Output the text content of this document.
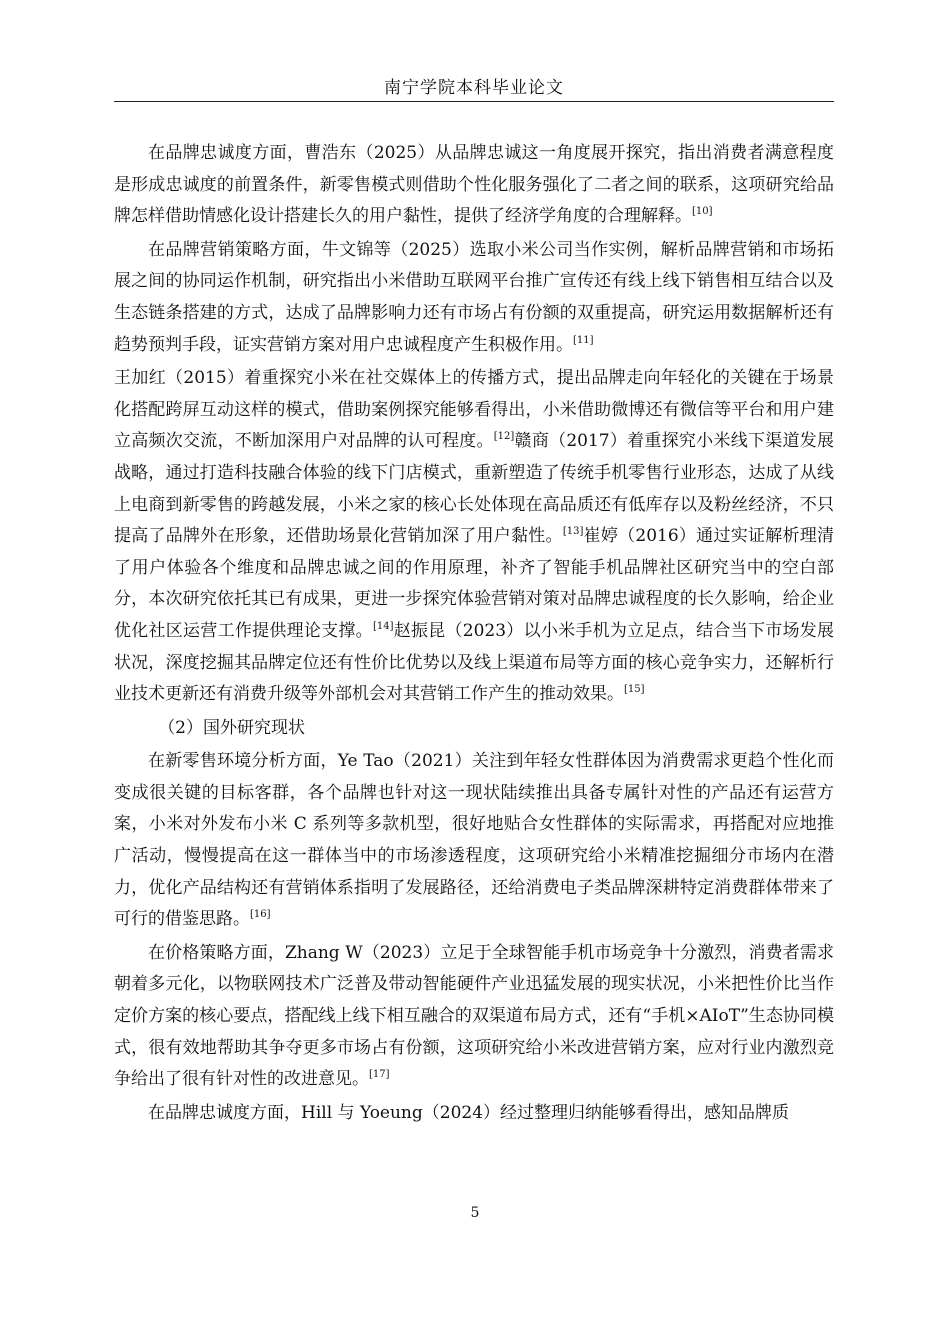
南宁学院本科毕业论文

在品牌忠诚度方面，曹浩东（2025）从品牌忠诚这一角度展开探究，指出消费者满意程度是形成忠诚度的前置条件，新零售模式则借助个性化服务强化了二者之间的联系，这项研究给品牌怎样借助情感化设计搭建长久的用户黏性，提供了经济学角度的合理解释。[10]

在品牌营销策略方面，牛文锦等（2025）选取小米公司当作实例，解析品牌营销和市场拓展之间的协同运作机制，研究指出小米借助互联网平台推广宣传还有线上线下销售相互结合以及生态链条搭建的方式，达成了品牌影响力还有市场占有份额的双重提高，研究运用数据解析还有趋势预判手段，证实营销方案对用户忠诚程度产生积极作用。[11]

王加红（2015）着重探究小米在社交媒体上的传播方式，提出品牌走向年轻化的关键在于场景化搭配跨屏互动这样的模式，借助案例探究能够看得出，小米借助微博还有微信等平台和用户建立高频次交流，不断加深用户对品牌的认可程度。[12]赣商（2017）着重探究小米线下渠道发展战略，通过打造科技融合体验的线下门店模式，重新塑造了传统手机零售行业形态，达成了从线上电商到新零售的跨越发展，小米之家的核心长处体现在高品质还有低库存以及粉丝经济，不只提高了品牌外在形象，还借助场景化营销加深了用户黏性。[13]崔婷（2016）通过实证解析理清了用户体验各个维度和品牌忠诚之间的作用原理，补齐了智能手机品牌社区研究当中的空白部分，本次研究依托其已有成果，更进一步探究体验营销对策对品牌忠诚程度的长久影响，给企业优化社区运营工作提供理论支撑。[14]赵振昆（2023）以小米手机为立足点，结合当下市场发展状况，深度挖掘其品牌定位还有性价比优势以及线上渠道布局等方面的核心竞争实力，还解析行业技术更新还有消费升级等外部机会对其营销工作产生的推动效果。[15]

（2）国外研究现状

在新零售环境分析方面，Ye Tao（2021）关注到年轻女性群体因为消费需求更趋个性化而变成很关键的目标客群，各个品牌也针对这一现状陆续推出具备专属针对性的产品还有运营方案，小米对外发布小米 C 系列等多款机型，很好地贴合女性群体的实际需求，再搭配对应地推广活动，慢慢提高在这一群体当中的市场渗透程度，这项研究给小米精准挖掘细分市场内在潜力，优化产品结构还有营销体系指明了发展路径，还给消费电子类品牌深耕特定消费群体带来了可行的借鉴思路。[16]

在价格策略方面，Zhang W（2023）立足于全球智能手机市场竞争十分激烈，消费者需求朝着多元化，以物联网技术广泛普及带动智能硬件产业迅猛发展的现实状况，小米把性价比当作定价方案的核心要点，搭配线上线下相互融合的双渠道布局方式，还有“手机×AIoT”生态协同模式，很有效地帮助其争夺更多市场占有份额，这项研究给小米改进营销方案，应对行业内激烈竞争给出了很有针对性的改进意见。[17]

在品牌忠诚度方面，Hill 与 Yoeung（2024）经过整理归纳能够看得出，感知品牌质

5
